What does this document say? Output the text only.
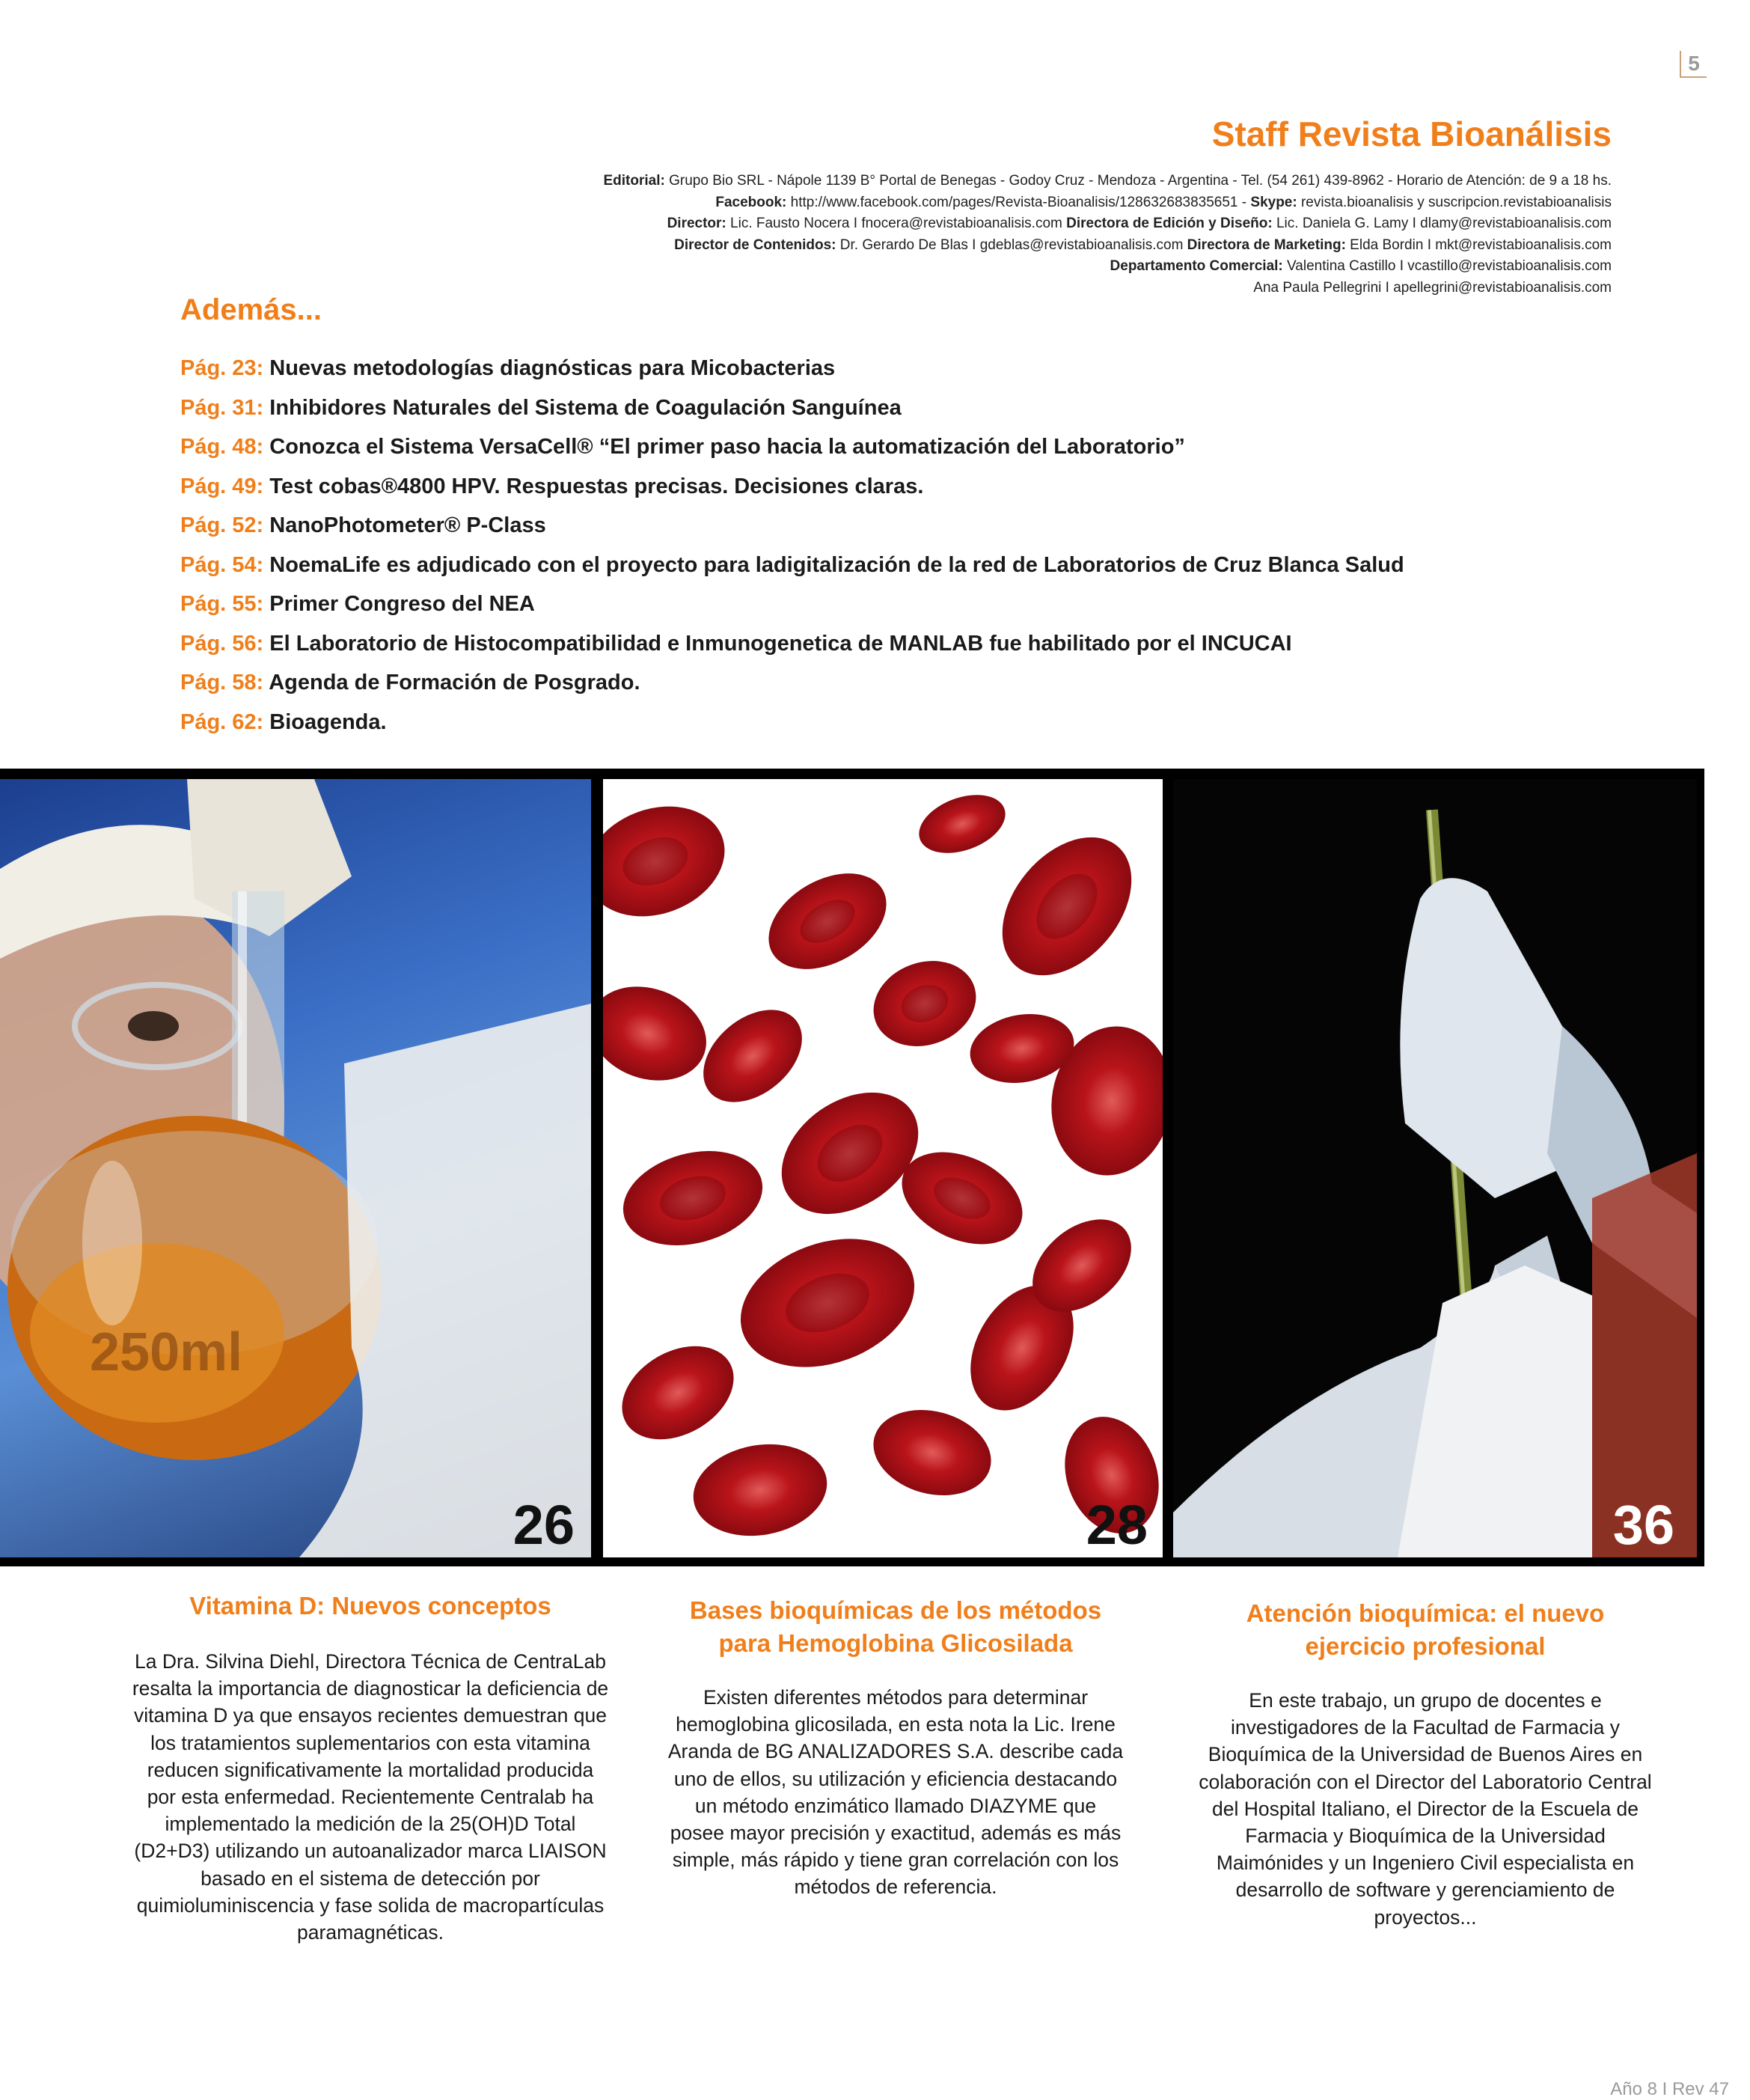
5
Staff Revista Bioanálisis
Editorial: Grupo Bio SRL - Nápole 1139 B° Portal de Benegas - Godoy Cruz - Mendoza - Argentina - Tel. (54 261) 439-8962 - Horario de Atención: de 9 a 18 hs.
Facebook: http://www.facebook.com/pages/Revista-Bioanalisis/128632683835651 - Skype: revista.bioanalisis y suscripcion.revistabioanalisis
Director: Lic. Fausto Nocera I fnocera@revistabioanalisis.com Directora de Edición y Diseño: Lic. Daniela G. Lamy I dlamy@revistabioanalisis.com
Director de Contenidos: Dr. Gerardo De Blas I gdeblas@revistabioanalisis.com Directora de Marketing: Elda Bordin I mkt@revistabioanalisis.com
Departamento Comercial: Valentina Castillo I vcastillo@revistabioanalisis.com
Ana Paula Pellegrini I apellegrini@revistabioanalisis.com
Además...
Pág. 23: Nuevas metodologías diagnósticas para Micobacterias
Pág. 31: Inhibidores Naturales del Sistema de Coagulación Sanguínea
Pág. 48: Conozca el Sistema VersaCell® “El primer paso hacia la automatización del Laboratorio”
Pág. 49: Test cobas®4800 HPV. Respuestas precisas. Decisiones claras.
Pág. 52: NanoPhotometer® P-Class
Pág. 54: NoemaLife es adjudicado con el proyecto para ladigitalización de la red de Laboratorios de Cruz Blanca Salud
Pág. 55: Primer Congreso del NEA
Pág. 56: El Laboratorio de Histocompatibilidad e Inmunogenetica de MANLAB fue habilitado por el INCUCAI
Pág. 58: Agenda de Formación de Posgrado.
Pág. 62: Bioagenda.
250ml
26	28	36
Vitamina D: Nuevos conceptos

La Dra. Silvina Diehl, Directora Técnica de CentraLab resalta la importancia de diagnosticar la deficiencia de vitamina D ya que ensayos recientes demuestran que los tratamientos suplementarios con esta vitamina reducen significativamente la mortalidad producida por esta enfermedad. Recientemente Centralab ha implementado la medición de la 25(OH)D Total (D2+D3) utilizando un autoanalizador marca LIAISON basado en el sistema de detección por quimioluminiscencia y fase solida de macropartículas paramagnéticas.

Bases bioquímicas de los métodos para Hemoglobina Glicosilada

Existen diferentes métodos para determinar hemoglobina glicosilada, en esta nota la Lic. Irene Aranda de BG ANALIZADORES S.A. describe cada uno de ellos, su utilización y eficiencia destacando un método enzimático llamado DIAZYME que posee mayor precisión y exactitud, además es más simple, más rápido y tiene gran correlación con los métodos de referencia.

Atención bioquímica: el nuevo ejercicio profesional

En este trabajo, un grupo de docentes e investigadores de la Facultad de Farmacia y Bioquímica de la Universidad de Buenos Aires en colaboración con el Director del Laboratorio Central del Hospital Italiano, el Director de la Escuela de Farmacia y Bioquímica de la Universidad Maimónides y un Ingeniero Civil especialista en desarrollo de software y gerenciamiento de proyectos...

Año 8 I Rev 47
